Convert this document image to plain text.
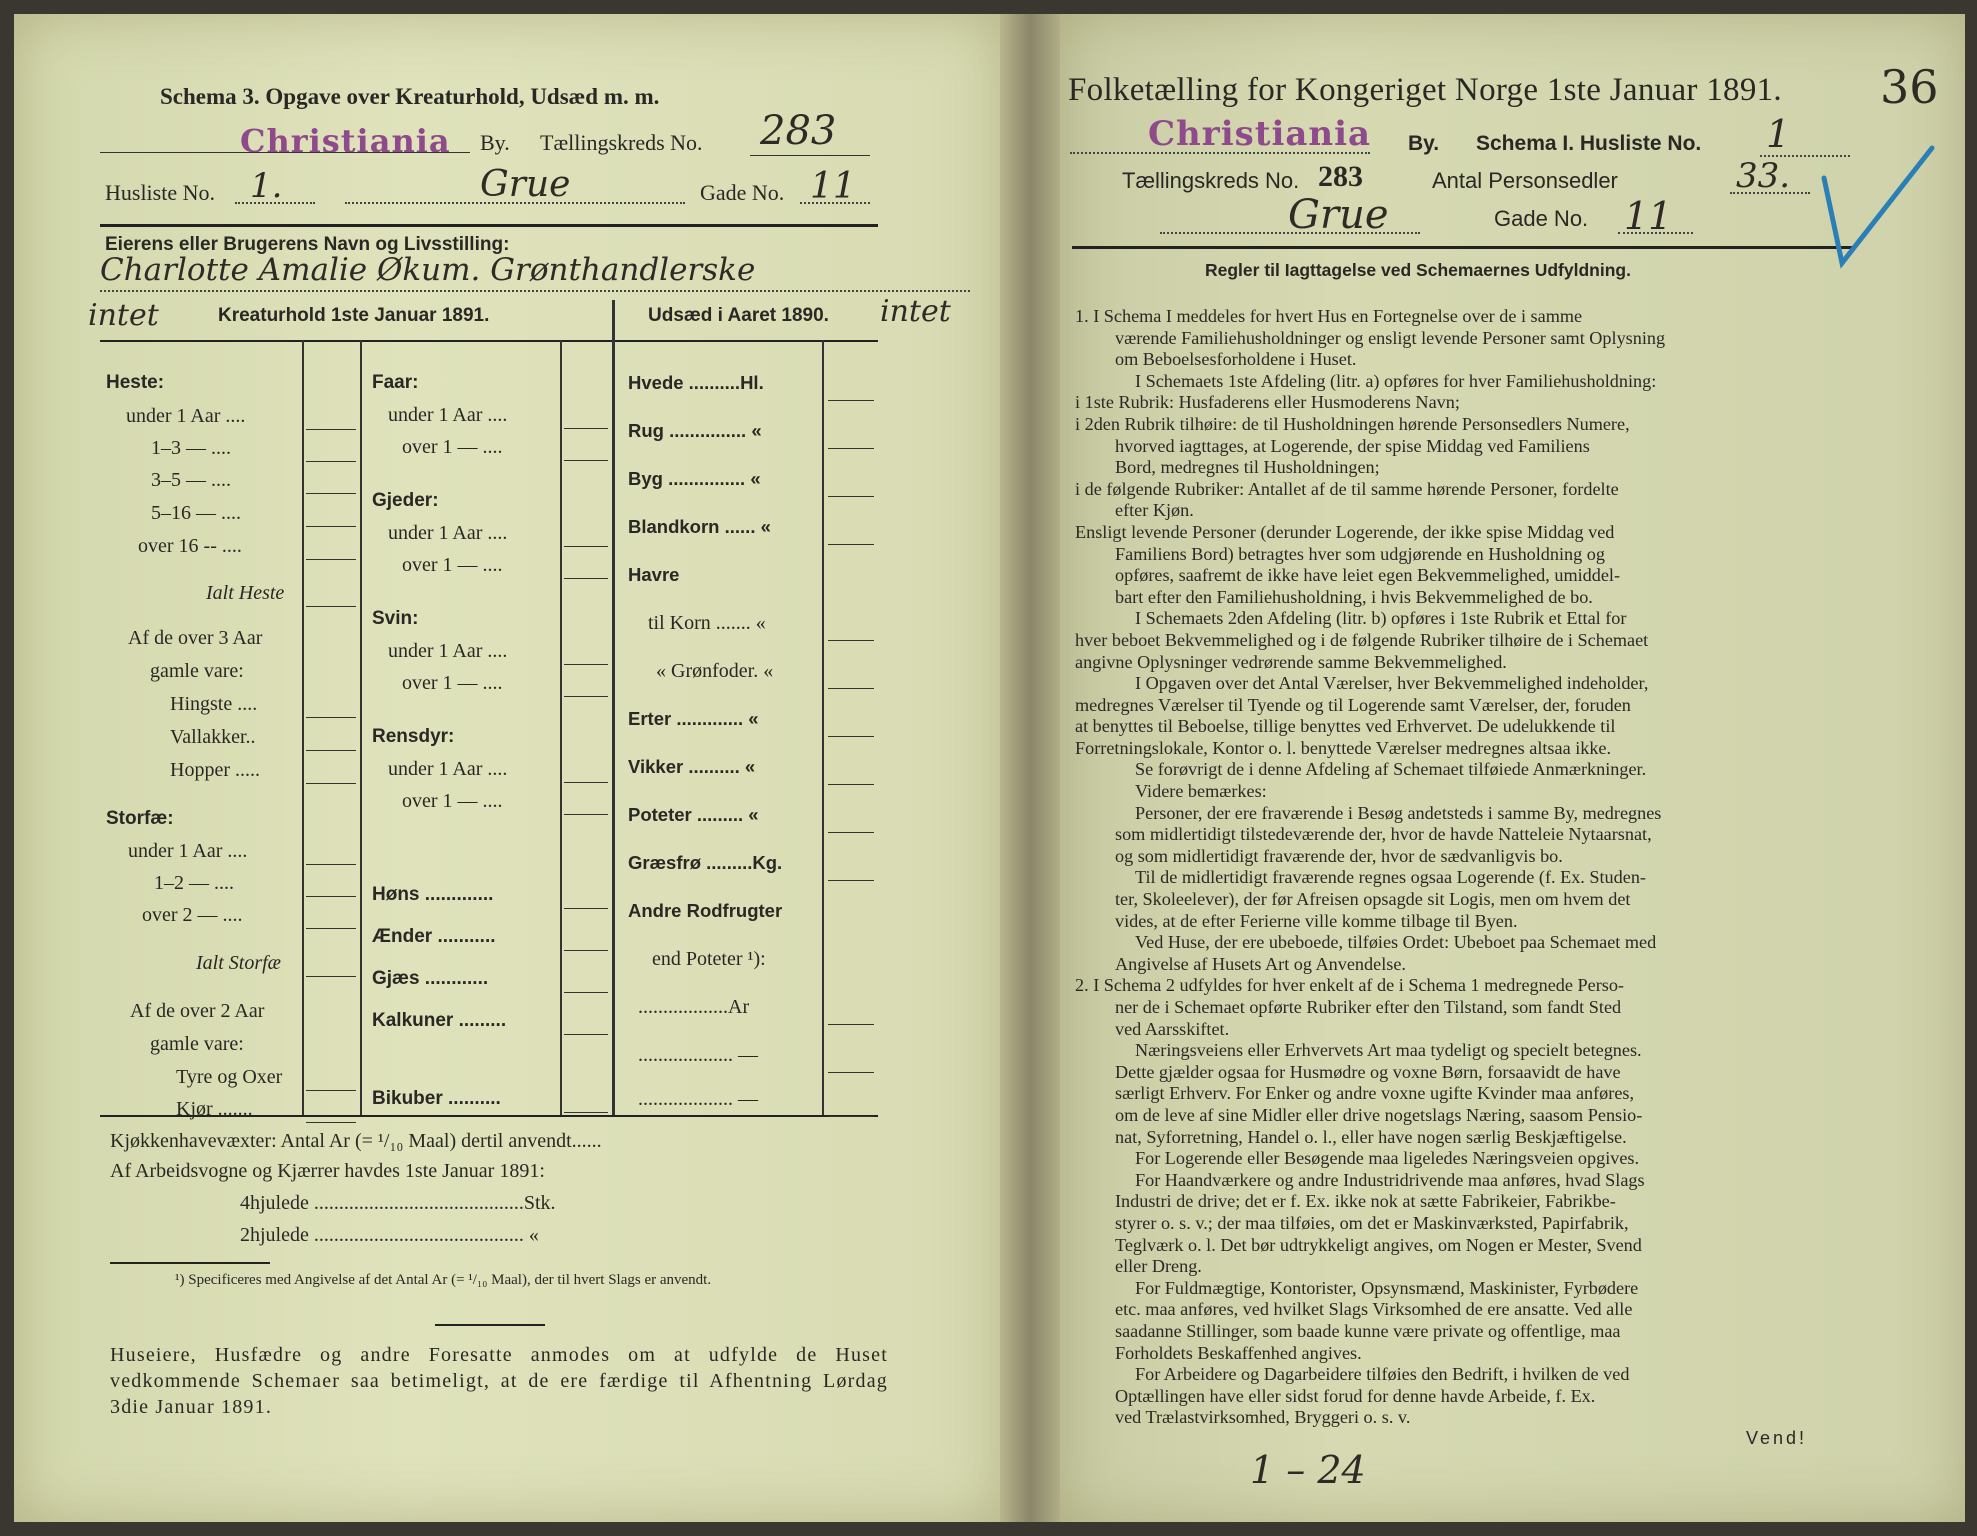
Schema 3. Opgave over Kreaturhold, Udsæd m. m.
Christiania By. Tællingskreds No. 283
Husliste No. 1.	Grue	Gade No. 11
Eierens eller Brugerens Navn og Livsstilling:
Charlotte Amalie Økum. Grønthandlerske
intet	intet
Kreaturhold 1ste Januar 1891.	Udsæd i Aaret 1890.
Heste:
under 1 Aar ....
1–3 — ....
3–5 — ....
5–16 — ....
over 16 -- ....
Ialt Heste
Af de over 3 Aar
gamle vare:
Hingste ....
Vallakker..
Hopper .....
Storfæ:
under 1 Aar ....
1–2 — ....
over 2 — ....
Ialt Storfæ
Af de over 2 Aar
gamle vare:
Tyre og Oxer
Kjør .......
Faar:
under 1 Aar ....
over 1 — ....
Gjeder:
under 1 Aar ....
over 1 — ....
Svin:
under 1 Aar ....
over 1 — ....
Rensdyr:
under 1 Aar ....
over 1 — ....
Høns .............
Ænder ...........
Gjæs ............
Kalkuner .........
Bikuber ..........
Hvede ..........Hl.
Rug ............... «
Byg ............... «
Blandkorn ...... «
Havre
til Korn ....... «
« Grønfoder. «
Erter ............. «
Vikker .......... «
Poteter ......... «
Græsfrø .........Kg.
Andre Rodfrugter
end Poteter ¹):
..................Ar
................... —
................... —
Kjøkkenhavevæxter: Antal Ar (= ¹/₁₀ Maal) dertil anvendt......
Af Arbeidsvogne og Kjærrer havdes 1ste Januar 1891:
4hjulede ..........................................Stk.
2hjulede .......................................... «
¹) Specificeres med Angivelse af det Antal Ar (= ¹/₁₀ Maal), der til hvert Slags er anvendt.
Huseiere, Husfædre og andre Foresatte anmodes om at udfylde de Huset vedkommende Schemaer saa betimeligt, at de ere færdige til Afhentning Lørdag 3die Januar 1891.
Folketælling for Kongeriget Norge 1ste Januar 1891. 36
Christiania By. Schema I. Husliste No. 1
Tællingskreds No. 283	Antal Personsedler	33.
Grue	Gade No. 11
Regler til Iagttagelse ved Schemaernes Udfyldning.
1. I Schema I meddeles for hvert Hus en Fortegnelse over de i samme
værende Familiehusholdninger og ensligt levende Personer samt Oplysning
om Beboelsesforholdene i Huset.
I Schemaets 1ste Afdeling (litr. a) opføres for hver Familiehusholdning:
i 1ste Rubrik: Husfaderens eller Husmoderens Navn;
i 2den Rubrik tilhøire: de til Husholdningen hørende Personsedlers Numere,
hvorved iagttages, at Logerende, der spise Middag ved Familiens
Bord, medregnes til Husholdningen;
i de følgende Rubriker: Antallet af de til samme hørende Personer, fordelte
efter Kjøn.
Ensligt levende Personer (derunder Logerende, der ikke spise Middag ved
Familiens Bord) betragtes hver som udgjørende en Husholdning og
opføres, saafremt de ikke have leiet egen Bekvemmelighed, umiddel-
bart efter den Familiehusholdning, i hvis Bekvemmelighed de bo.
I Schemaets 2den Afdeling (litr. b) opføres i 1ste Rubrik et Ettal for
hver beboet Bekvemmelighed og i de følgende Rubriker tilhøire de i Schemaet
angivne Oplysninger vedrørende samme Bekvemmelighed.
I Opgaven over det Antal Værelser, hver Bekvemmelighed indeholder,
medregnes Værelser til Tyende og til Logerende samt Værelser, der, foruden
at benyttes til Beboelse, tillige benyttes ved Erhvervet. De udelukkende til
Forretningslokale, Kontor o. l. benyttede Værelser medregnes altsaa ikke.
Se forøvrigt de i denne Afdeling af Schemaet tilføiede Anmærkninger.
Videre bemærkes:
Personer, der ere fraværende i Besøg andetsteds i samme By, medregnes
som midlertidigt tilstedeværende der, hvor de havde Natteleie Nytaarsnat,
og som midlertidigt fraværende der, hvor de sædvanligvis bo.
Til de midlertidigt fraværende regnes ogsaa Logerende (f. Ex. Studen-
ter, Skoleelever), der før Afreisen opsagde sit Logis, men om hvem det
vides, at de efter Ferierne ville komme tilbage til Byen.
Ved Huse, der ere ubeboede, tilføies Ordet: Ubeboet paa Schemaet med
Angivelse af Husets Art og Anvendelse.
2. I Schema 2 udfyldes for hver enkelt af de i Schema 1 medregnede Perso-
ner de i Schemaet opførte Rubriker efter den Tilstand, som fandt Sted
ved Aarsskiftet.
Næringsveiens eller Erhvervets Art maa tydeligt og specielt betegnes.
Dette gjælder ogsaa for Husmødre og voxne Børn, forsaavidt de have
særligt Erhverv. For Enker og andre voxne ugifte Kvinder maa anføres,
om de leve af sine Midler eller drive nogetslags Næring, saasom Pensio-
nat, Syforretning, Handel o. l., eller have nogen særlig Beskjæftigelse.
For Logerende eller Besøgende maa ligeledes Næringsveien opgives.
For Haandværkere og andre Industridrivende maa anføres, hvad Slags
Industri de drive; det er f. Ex. ikke nok at sætte Fabrikeier, Fabrikbe-
styrer o. s. v.; der maa tilføies, om det er Maskinværksted, Papirfabrik,
Teglværk o. l. Det bør udtrykkeligt angives, om Nogen er Mester, Svend
eller Dreng.
For Fuldmægtige, Kontorister, Opsynsmænd, Maskinister, Fyrbødere
etc. maa anføres, ved hvilket Slags Virksomhed de ere ansatte. Ved alle
saadanne Stillinger, som baade kunne være private og offentlige, maa
Forholdets Beskaffenhed angives.
For Arbeidere og Dagarbeidere tilføies den Bedrift, i hvilken de ved
Optællingen have eller sidst forud for denne havde Arbeide, f. Ex.
ved Trælastvirksomhed, Bryggeri o. s. v.
Vend!
1 – 24
